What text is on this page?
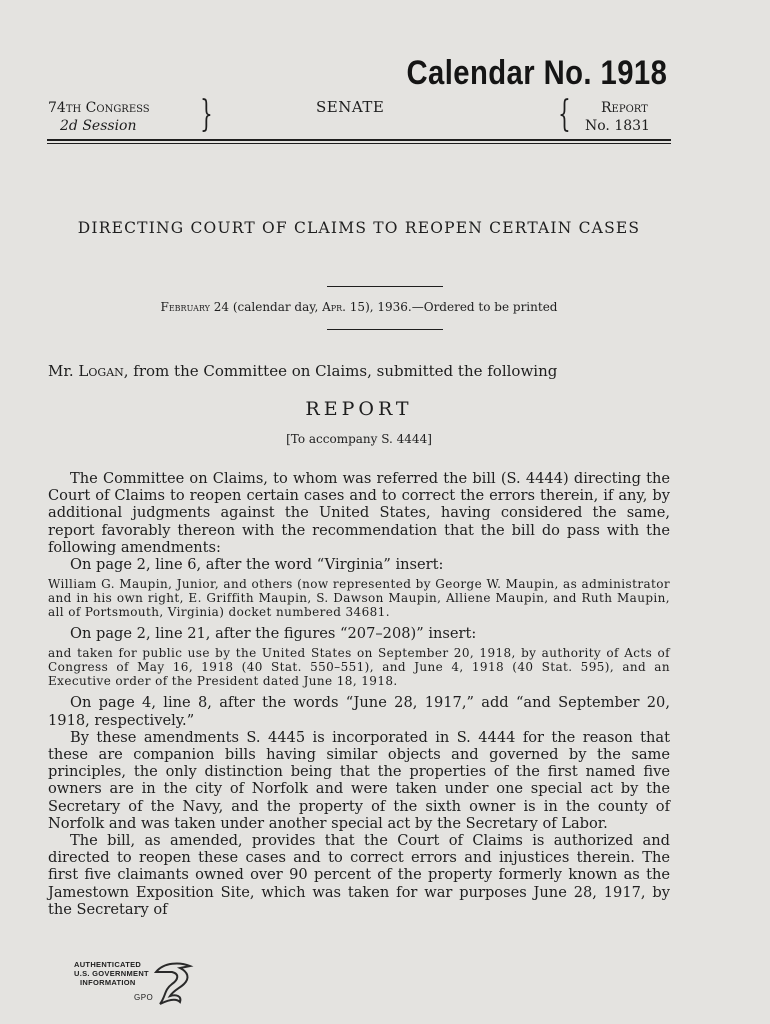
Calendar No. 1918
74th Congress
2d Session	}	SENATE	{	Report
No. 1831
DIRECTING COURT OF CLAIMS TO REOPEN CERTAIN CASES
February 24 (calendar day, Apr. 15), 1936.—Ordered to be printed
Mr. Logan, from the Committee on Claims, submitted the following
REPORT
[To accompany S. 4444]

The Committee on Claims, to whom was referred the bill (S. 4444) directing the Court of Claims to reopen certain cases and to correct the errors therein, if any, by additional judgments against the United States, having considered the same, report favorably thereon with the recommendation that the bill do pass with the following amendments:

On page 2, line 6, after the word “Virginia” insert:

William G. Maupin, Junior, and others (now represented by George W. Maupin, as administrator and in his own right, E. Griffith Maupin, S. Dawson Maupin, Alliene Maupin, and Ruth Maupin, all of Portsmouth, Virginia) docket numbered 34681.

On page 2, line 21, after the figures “207–208)” insert:

and taken for public use by the United States on September 20, 1918, by authority of Acts of Congress of May 16, 1918 (40 Stat. 550–551), and June 4, 1918 (40 Stat. 595), and an Executive order of the President dated June 18, 1918.

On page 4, line 8, after the words “June 28, 1917,” add “and September 20, 1918, respectively.”

By these amendments S. 4445 is incorporated in S. 4444 for the reason that these are companion bills having similar objects and governed by the same principles, the only distinction being that the properties of the first named five owners are in the city of Norfolk and were taken under one special act by the Secretary of the Navy, and the property of the sixth owner is in the county of Norfolk and was taken under another special act by the Secretary of Labor.

The bill, as amended, provides that the Court of Claims is authorized and directed to reopen these cases and to correct errors and injustices therein. The first five claimants owned over 90 percent of the property formerly known as the Jamestown Exposition Site, which was taken for war purposes June 28, 1917, by the Secretary of

AUTHENTICATED
U.S. GOVERNMENT
INFORMATION
GPO
